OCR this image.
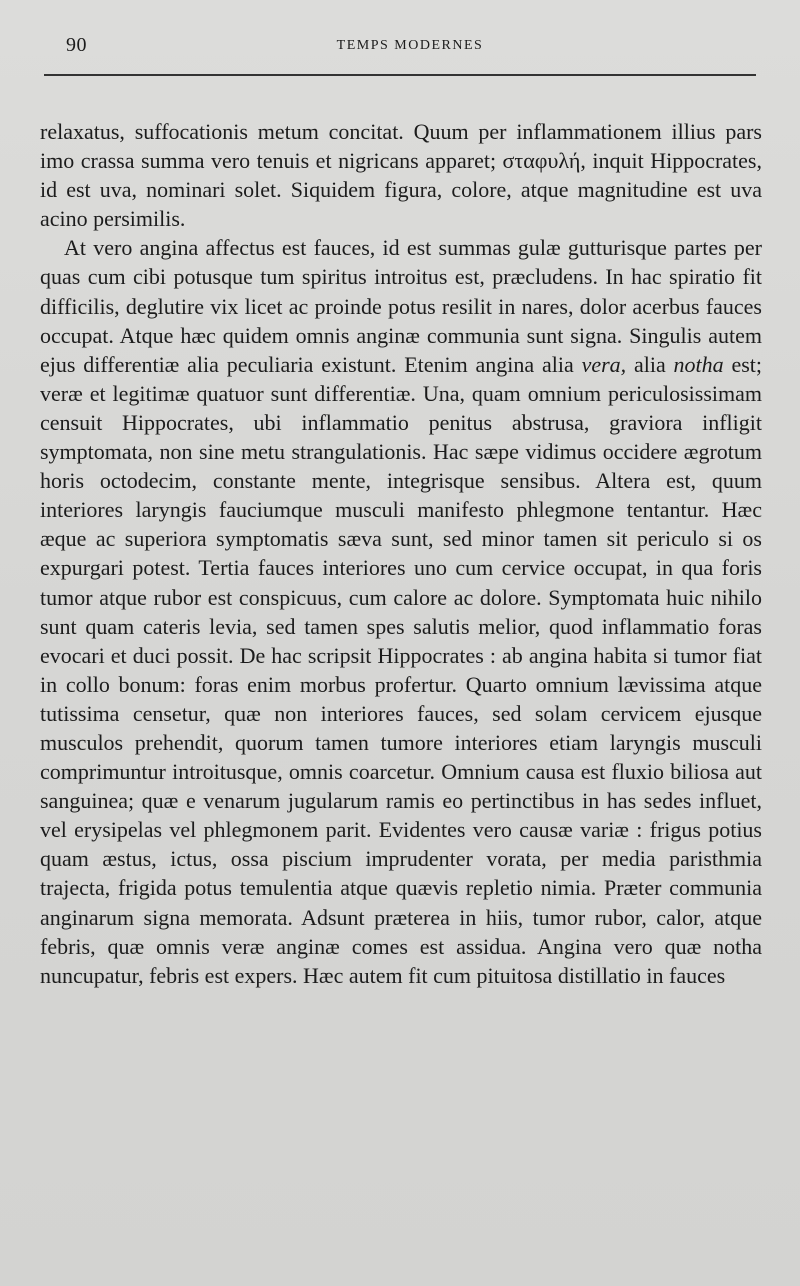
90	TEMPS MODERNES

relaxatus, suffocationis metum concitat. Quum per inflammationem illius pars imo crassa summa vero tenuis et nigricans apparet; σταφυλή, inquit Hippocrates, id est uva, nominari solet. Siquidem figura, colore, atque magnitudine est uva acino persimilis.

At vero angina affectus est fauces, id est summas gulæ gutturisque partes per quas cum cibi potusque tum spiritus introitus est, præcludens. In hac spiratio fit difficilis, deglutire vix licet ac proinde potus resilit in nares, dolor acerbus fauces occupat. Atque hæc quidem omnis anginæ communia sunt signa. Singulis autem ejus differentiæ alia peculiaria existunt. Etenim angina alia vera, alia notha est; veræ et legitimæ quatuor sunt differentiæ. Una, quam omnium periculosissimam censuit Hippocrates, ubi inflammatio penitus abstrusa, graviora infligit symptomata, non sine metu strangulationis. Hac sæpe vidimus occidere ægrotum horis octodecim, constante mente, integrisque sensibus. Altera est, quum interiores laryngis fauciumque musculi manifesto phlegmone tentantur. Hæc æque ac superiora symptomatis sæva sunt, sed minor tamen sit periculo si os expurgari potest. Tertia fauces interiores uno cum cervice occupat, in qua foris tumor atque rubor est conspicuus, cum calore ac dolore. Symptomata huic nihilo sunt quam cateris levia, sed tamen spes salutis melior, quod inflammatio foras evocari et duci possit. De hac scripsit Hippocrates : ab angina habita si tumor fiat in collo bonum: foras enim morbus profertur. Quarto omnium lævissima atque tutissima censetur, quæ non interiores fauces, sed solam cervicem ejusque musculos prehendit, quorum tamen tumore interiores etiam laryngis musculi comprimuntur introitusque, omnis coarcetur. Omnium causa est fluxio biliosa aut sanguinea; quæ e venarum jugularum ramis eo pertinctibus in has sedes influet, vel erysipelas vel phlegmonem parit. Evidentes vero causæ variæ : frigus potius quam æstus, ictus, ossa piscium imprudenter vorata, per media paristhmia trajecta, frigida potus temulentia atque quævis repletio nimia. Præter communia anginarum signa memorata. Adsunt præterea in hiis, tumor rubor, calor, atque febris, quæ omnis veræ anginæ comes est assidua. Angina vero quæ notha nuncupatur, febris est expers. Hæc autem fit cum pituitosa distillatio in fauces
